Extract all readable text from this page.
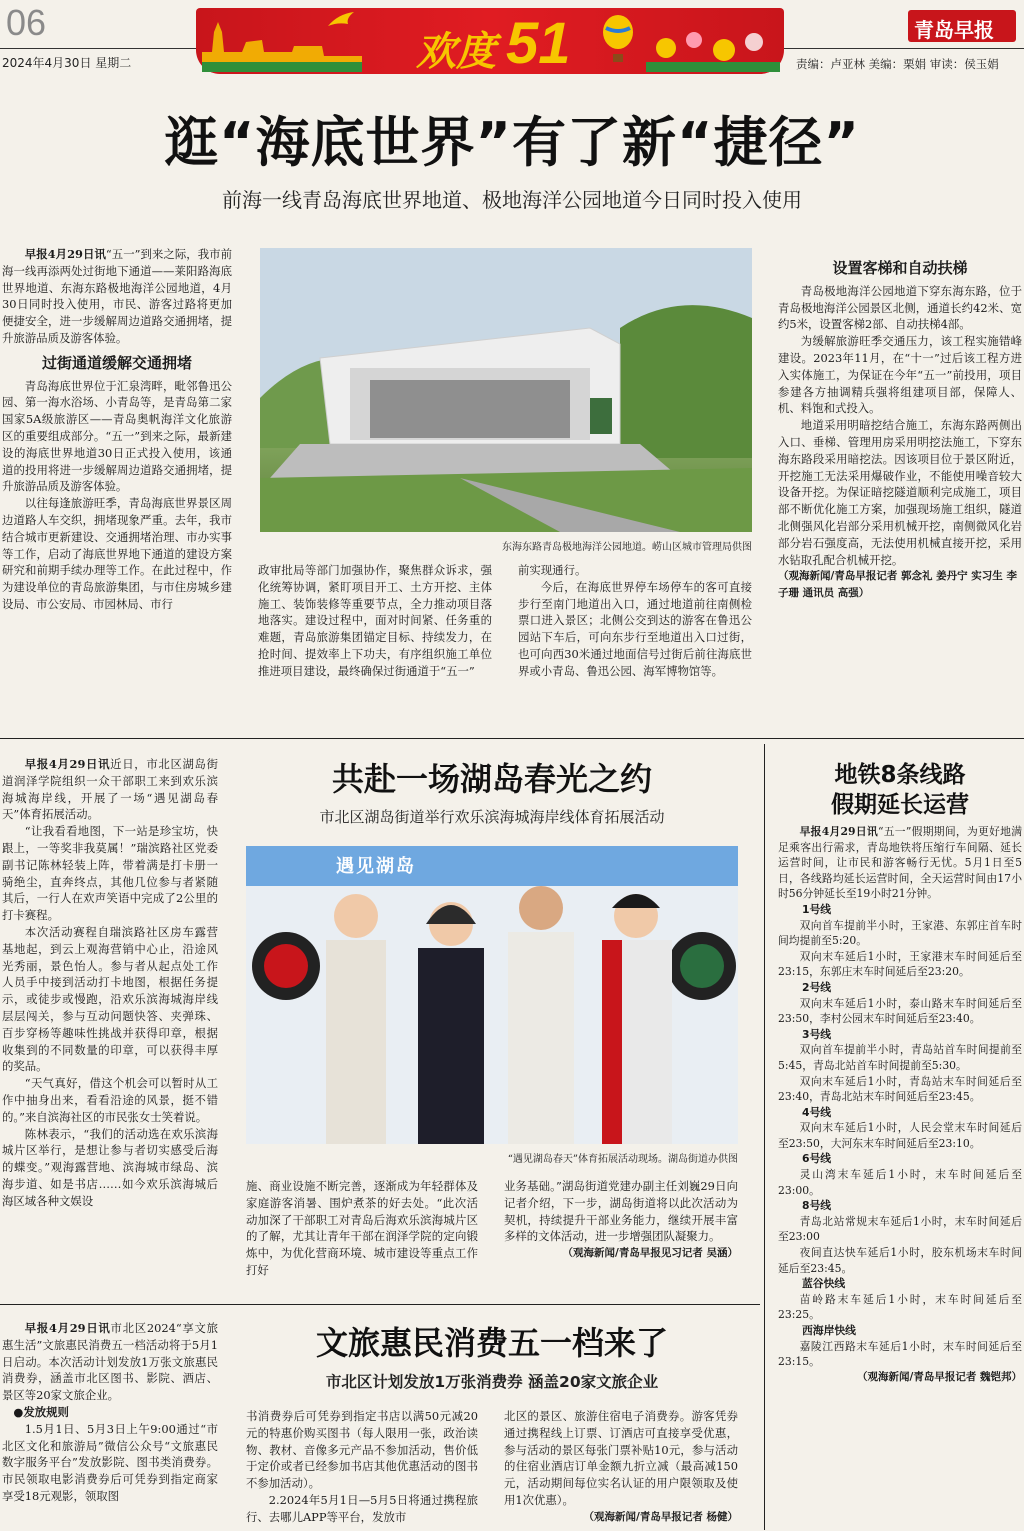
06
2024年4月30日 星期二	欢度 51	青岛早报
责编：卢亚林 美编：栗娟 审读：侯玉娟
逛“海底世界”有了新“捷径”
前海一线青岛海底世界地道、极地海洋公园地道今日同时投入使用

早报4月29日讯“五一”到来之际，我市前海一线再添两处过街地下通道——莱阳路海底世界地道、东海东路极地海洋公园地道，4月30日同时投入使用，市民、游客过路将更加便捷安全，进一步缓解周边道路交通拥堵，提升旅游品质及游客体验。

过街通道缓解交通拥堵

青岛海底世界位于汇泉湾畔，毗邻鲁迅公园、第一海水浴场、小青岛等，是青岛第二家国家5A级旅游区——青岛奥帆海洋文化旅游区的重要组成部分。“五一”到来之际，最新建设的海底世界地道30日正式投入使用，该通道的投用将进一步缓解周边道路交通拥堵，提升旅游品质及游客体验。

以往每逢旅游旺季，青岛海底世界景区周边道路人车交织，拥堵现象严重。去年，我市结合城市更新建设、交通拥堵治理、市办实事等工作，启动了海底世界地下通道的建设方案研究和前期手续办理等工作。在此过程中，作为建设单位的青岛旅游集团，与市住房城乡建设局、市公安局、市园林局、市行

东海东路青岛极地海洋公园地道。崂山区城市管理局供图

政审批局等部门加强协作，聚焦群众诉求，强化统筹协调，紧盯项目开工、土方开挖、主体施工、装饰装修等重要节点，全力推动项目落地落实。建设过程中，面对时间紧、任务重的难题，青岛旅游集团锚定目标、持续发力，在抢时间、提效率上下功夫，有序组织施工单位推进项目建设，最终确保过街通道于“五一”

前实现通行。

今后，在海底世界停车场停车的客可直接步行至南门地道出入口，通过地道前往南侧检票口进入景区；北侧公交到达的游客在鲁迅公园站下车后，可向东步行至地道出入口过街，也可向西30米通过地面信号过街后前往海底世界或小青岛、鲁迅公园、海军博物馆等。

设置客梯和自动扶梯

青岛极地海洋公园地道下穿东海东路，位于青岛极地海洋公园景区北侧，通道长约42米、宽约5米，设置客梯2部、自动扶梯4部。

为缓解旅游旺季交通压力，该工程实施错峰建设。2023年11月，在“十一”过后该工程方进入实体施工，为保证在今年“五一”前投用，项目参建各方抽调精兵强将组建项目部，保障人、机、料饱和式投入。

地道采用明暗挖结合施工，东海东路两侧出入口、垂梯、管理用房采用明挖法施工，下穿东海东路段采用暗挖法。因该项目位于景区附近，开挖施工无法采用爆破作业，不能使用噪音较大设备开挖。为保证暗挖隧道顺利完成施工，项目部不断优化施工方案，加强现场施工组织，隧道北侧强风化岩部分采用机械开挖，南侧微风化岩部分岩石强度高，无法使用机械直接开挖，采用水钻取孔配合机械开挖。

（观海新闻/青岛早报记者 郭念礼 姜丹宁 实习生 李子珊 通讯员 高强）

早报4月29日讯近日，市北区湖岛街道润泽学院组织一众干部职工来到欢乐滨海城海岸线，开展了一场“遇见湖岛春天”体育拓展活动。

“让我看看地图，下一站是珍宝坊，快跟上，一等奖非我莫属！”瑞滨路社区党委副书记陈林轻装上阵，带着满是打卡册一骑绝尘，直奔终点，其他几位参与者紧随其后，一行人在欢声笑语中完成了2公里的打卡赛程。

本次活动赛程自瑞滨路社区房车露营基地起，到云上观海营销中心止，沿途风光秀丽，景色怡人。参与者从起点处工作人员手中接到活动打卡地图，根据任务提示，或徒步或慢跑，沿欢乐滨海城海岸线层层闯关，参与互动问题快答、夹弹珠、百步穿杨等趣味性挑战并获得印章，根据收集到的不同数量的印章，可以获得丰厚的奖品。

“天气真好，借这个机会可以暂时从工作中抽身出来，看看沿途的风景，挺不错的。”来自滨海社区的市民张女士笑着说。

陈林表示，“我们的活动选在欢乐滨海城片区举行，是想让参与者切实感受后海的蝶变。”观海露营地、滨海城市绿岛、滨海步道、如是书店……如今欢乐滨海城后海区域各种文娱设

共赴一场湖岛春光之约
市北区湖岛街道举行欢乐滨海城海岸线体育拓展活动
遇见湖岛
“遇见湖岛春天”体育拓展活动现场。湖岛街道办供图

施、商业设施不断完善，逐渐成为年轻群体及家庭游客消暑、围炉煮茶的好去处。“此次活动加深了干部职工对青岛后海欢乐滨海城片区的了解，尤其让青年干部在润泽学院的定向锻炼中，为优化营商环境、城市建设等重点工作打好

业务基础。”湖岛街道党建办副主任刘巍29日向记者介绍，下一步，湖岛街道将以此次活动为契机，持续提升干部业务能力，继续开展丰富多样的文体活动，进一步增强团队凝聚力。

（观海新闻/青岛早报见习记者 吴涵）

地铁8条线路
假期延长运营

早报4月29日讯“五一”假期期间，为更好地满足乘客出行需求，青岛地铁将压缩行车间隔、延长运营时间，让市民和游客畅行无忧。5月1日至5日，各线路均延长运营时间，全天运营时间由17小时56分钟延长至19小时21分钟。

1号线

双向首车提前半小时，王家港、东郭庄首车时间均提前至5:20。

双向末车延后1小时，王家港末车时间延后至23:15，东郭庄末车时间延后至23:20。

2号线

双向末车延后1小时，泰山路末车时间延后至23:50，李村公园末车时间延后至23:40。

3号线

双向首车提前半小时，青岛站首车时间提前至5:45，青岛北站首车时间提前至5:30。

双向末车延后1小时，青岛站末车时间延后至23:40，青岛北站末车时间延后至23:45。

4号线

双向末车延后1小时，人民会堂末车时间延后至23:50，大河东末车时间延后至23:10。

6号线

灵山湾末车延后1小时，末车时间延后至23:00。

8号线

青岛北站常规末车延后1小时，末车时间延后至23:00

夜间直达快车延后1小时，胶东机场末车时间延后至23:45。

蓝谷快线

苗岭路末车延后1小时，末车时间延后至23:25。

西海岸快线

嘉陵江西路末车延后1小时，末车时间延后至23:15。

（观海新闻/青岛早报记者 魏铠邦）

早报4月29日讯市北区2024“享文旅 惠生活”文旅惠民消费五一档活动将于5月1日启动。本次活动计划发放1万张文旅惠民消费券，涵盖市北区图书、影院、酒店、景区等20家文旅企业。

●发放规则

1.5月1日、5月3日上午9:00通过“市北区文化和旅游局”微信公众号“文旅惠民数字服务平台”发放影院、图书类消费券。市民领取电影消费券后可凭券到指定商家享受18元观影，领取图

文旅惠民消费五一档来了
市北区计划发放1万张消费券 涵盖20家文旅企业

书消费券后可凭券到指定书店以满50元减20元的特惠价购买图书（每人限用一张，政治读物、教材、音像多元产品不参加活动，售价低于定价或者已经参加书店其他优惠活动的图书不参加活动）。

2.2024年5月1日—5月5日将通过携程旅行、去哪儿APP等平台，发放市

北区的景区、旅游住宿电子消费券。游客凭券通过携程线上订票、订酒店可直接享受优惠，参与活动的景区每张门票补贴10元，参与活动的住宿业酒店订单金额九折立减（最高减150元，活动期间每位实名认证的用户限领取及使用1次优惠）。

（观海新闻/青岛早报记者 杨健）
